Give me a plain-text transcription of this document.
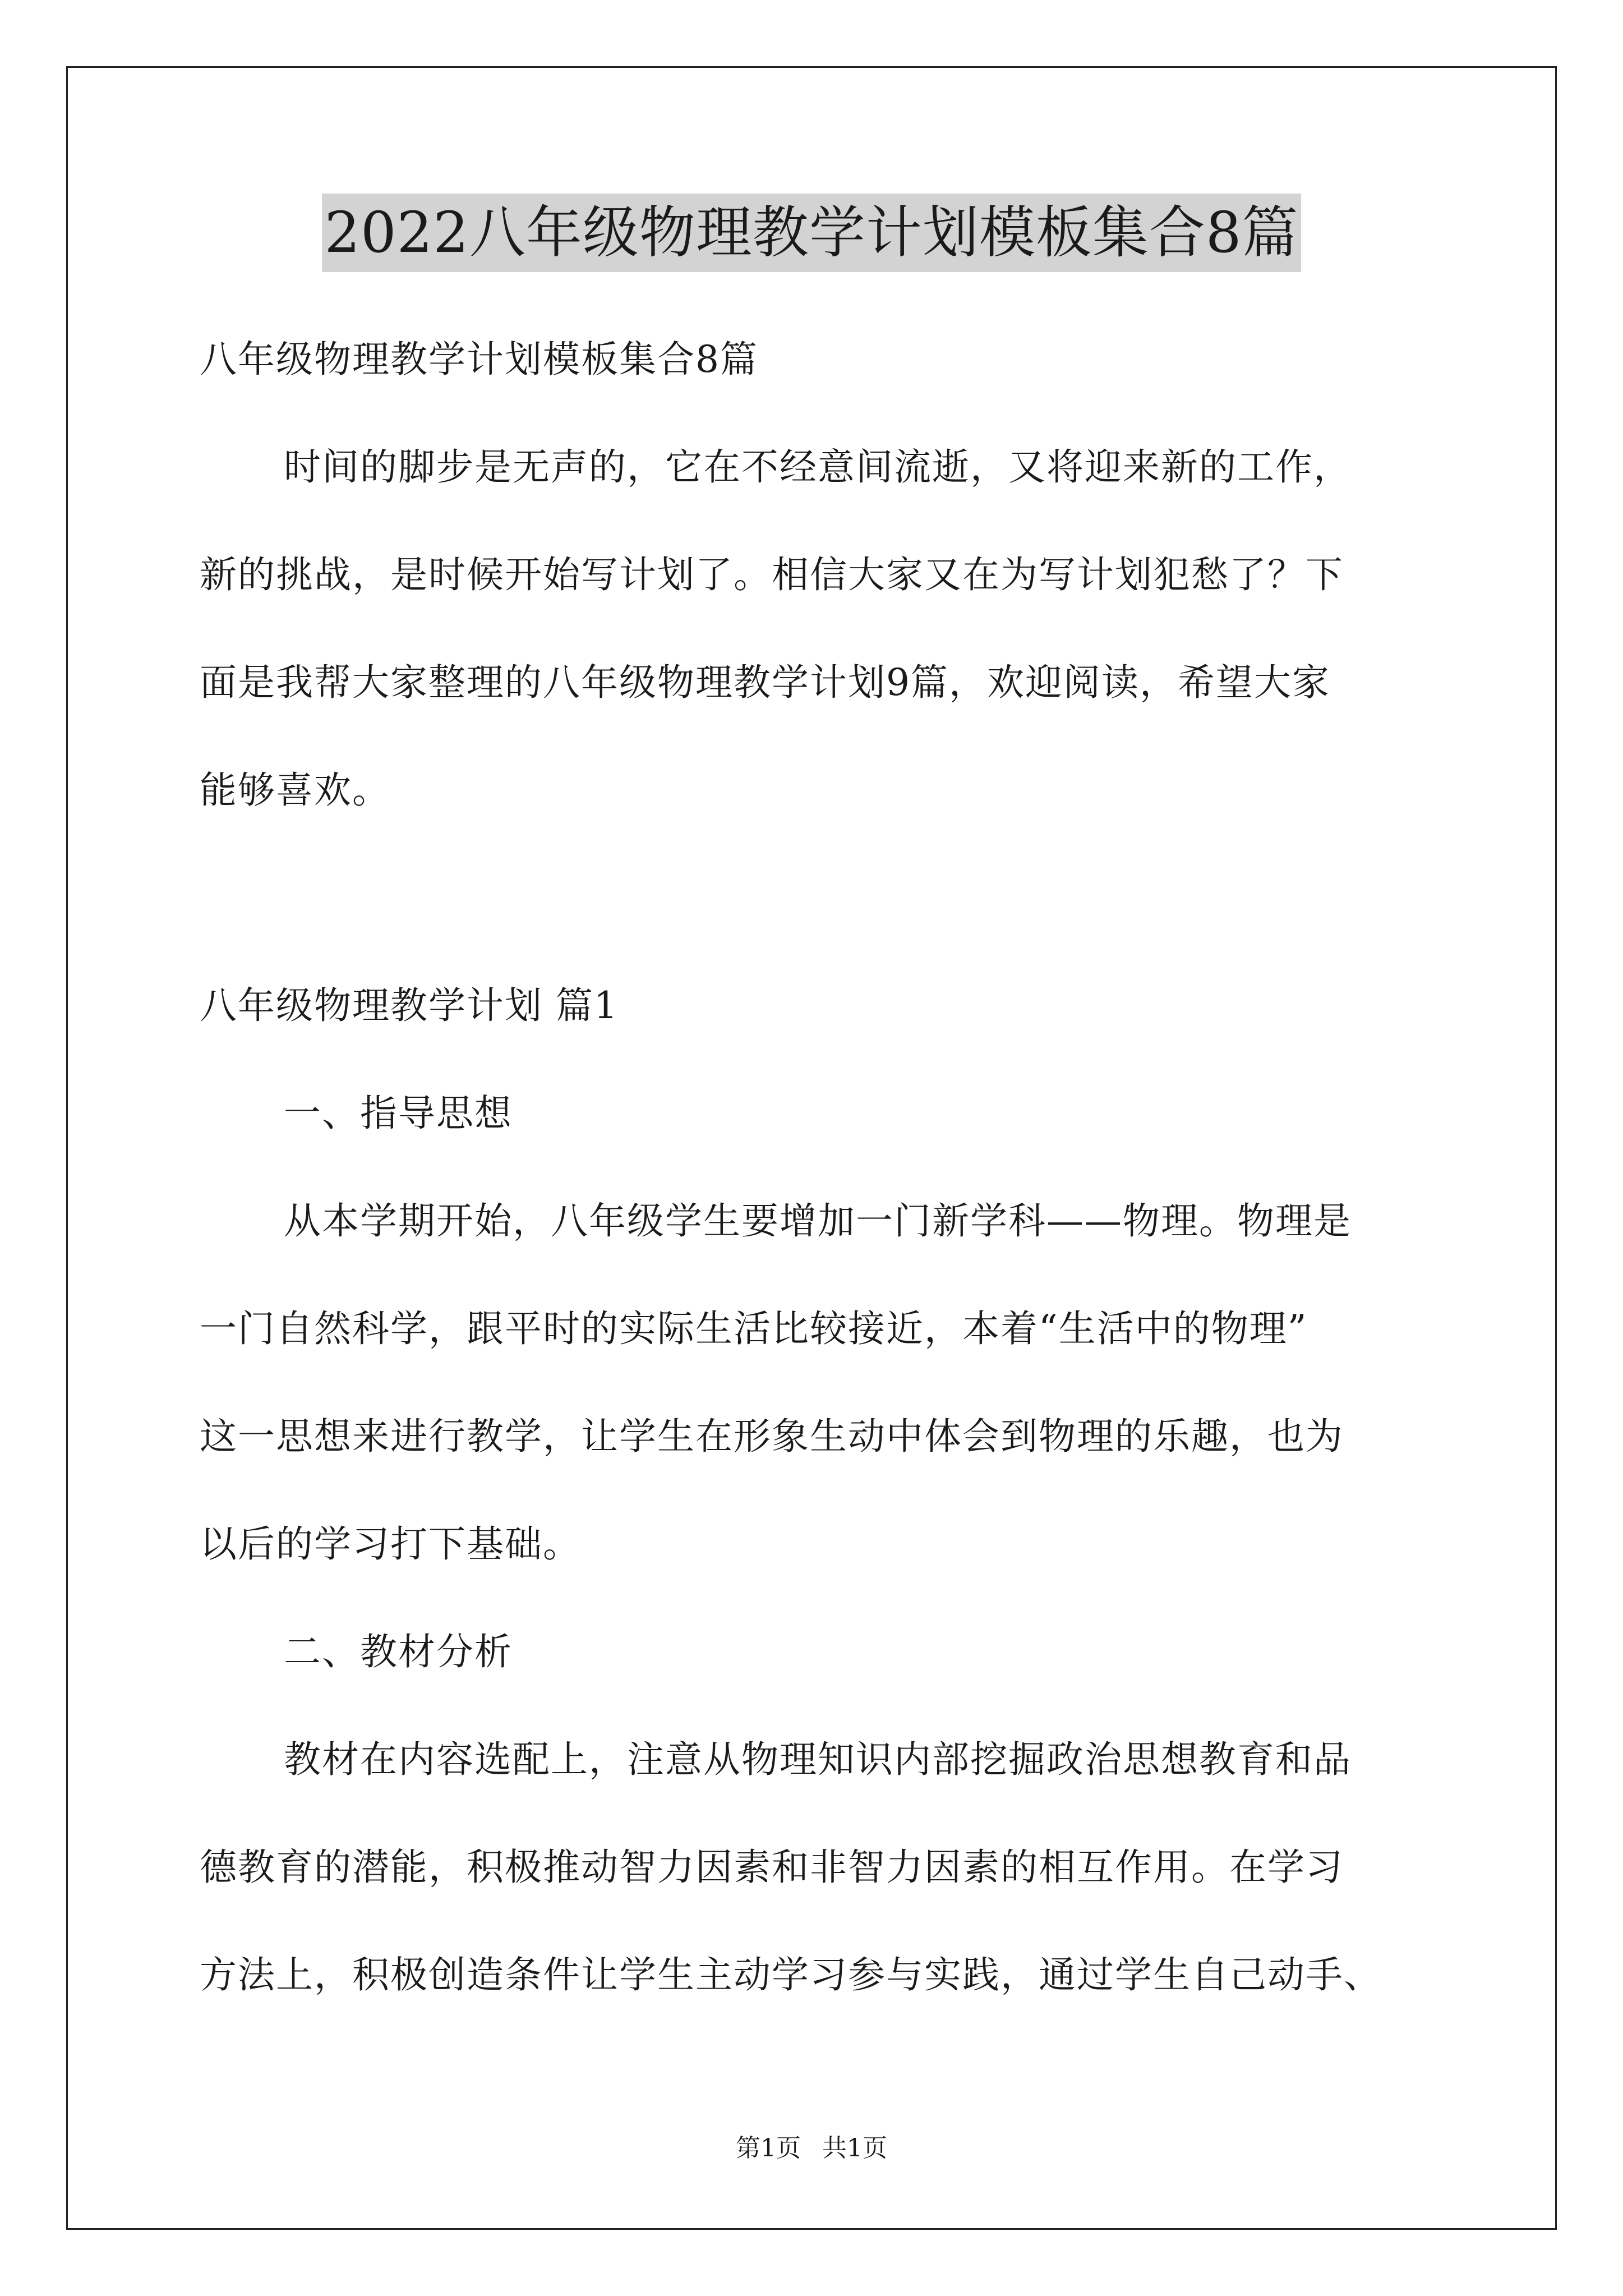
2022八年级物理教学计划模板集合8篇
八年级物理教学计划模板集合8篇
时间的脚步是无声的，它在不经意间流逝，又将迎来新的工作，
新的挑战，是时候开始写计划了。相信大家又在为写计划犯愁了？下
面是我帮大家整理的八年级物理教学计划9篇，欢迎阅读，希望大家
能够喜欢。
八年级物理教学计划 篇1
一、指导思想
从本学期开始，八年级学生要增加一门新学科——物理。物理是
一门自然科学，跟平时的实际生活比较接近，本着“生活中的物理”
这一思想来进行教学，让学生在形象生动中体会到物理的乐趣，也为
以后的学习打下基础。
二、教材分析
教材在内容选配上，注意从物理知识内部挖掘政治思想教育和品
德教育的潜能，积极推动智力因素和非智力因素的相互作用。在学习
方法上，积极创造条件让学生主动学习参与实践，通过学生自己动手、
第1页 共1页
